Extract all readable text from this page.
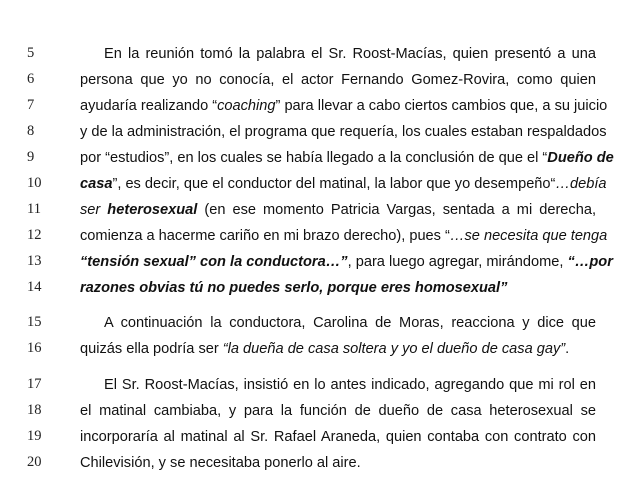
5	En la reunión tomó la palabra el Sr. Roost-Macías, quien presentó a una
6	persona que yo no conocía, el actor Fernando Gomez-Rovira, como quien
7	ayudaría realizando “coaching” para llevar a cabo ciertos cambios que, a su juicio
8	y de la administración, el programa que requería, los cuales estaban respaldados
9	por “estudios”, en los cuales se había llegado a la conclusión de que el “Dueño de
10	casa”, es decir, que el conductor del matinal, la labor que yo desempeño“…debía
11	ser heterosexual (en ese momento Patricia Vargas, sentada a mi derecha,
12	comienza a hacerme cariño en mi brazo derecho), pues “…se necesita que tenga
13	“tensión sexual” con la conductora…”, para luego agregar, mirándome, “…por
14	razones obvias tú no puedes serlo, porque eres homosexual”
15	A continuación la conductora, Carolina de Moras, reacciona y dice que
16	quizás ella podría ser “la dueña de casa soltera y yo el dueño de casa gay”.
17	El Sr. Roost-Macías, insistió en lo antes indicado, agregando que mi rol en
18	el matinal cambiaba, y para la función de dueño de casa heterosexual se
19	incorporaría al matinal al Sr. Rafael Araneda, quien contaba con contrato con
20	Chilevisión, y se necesitaba ponerlo al aire.
